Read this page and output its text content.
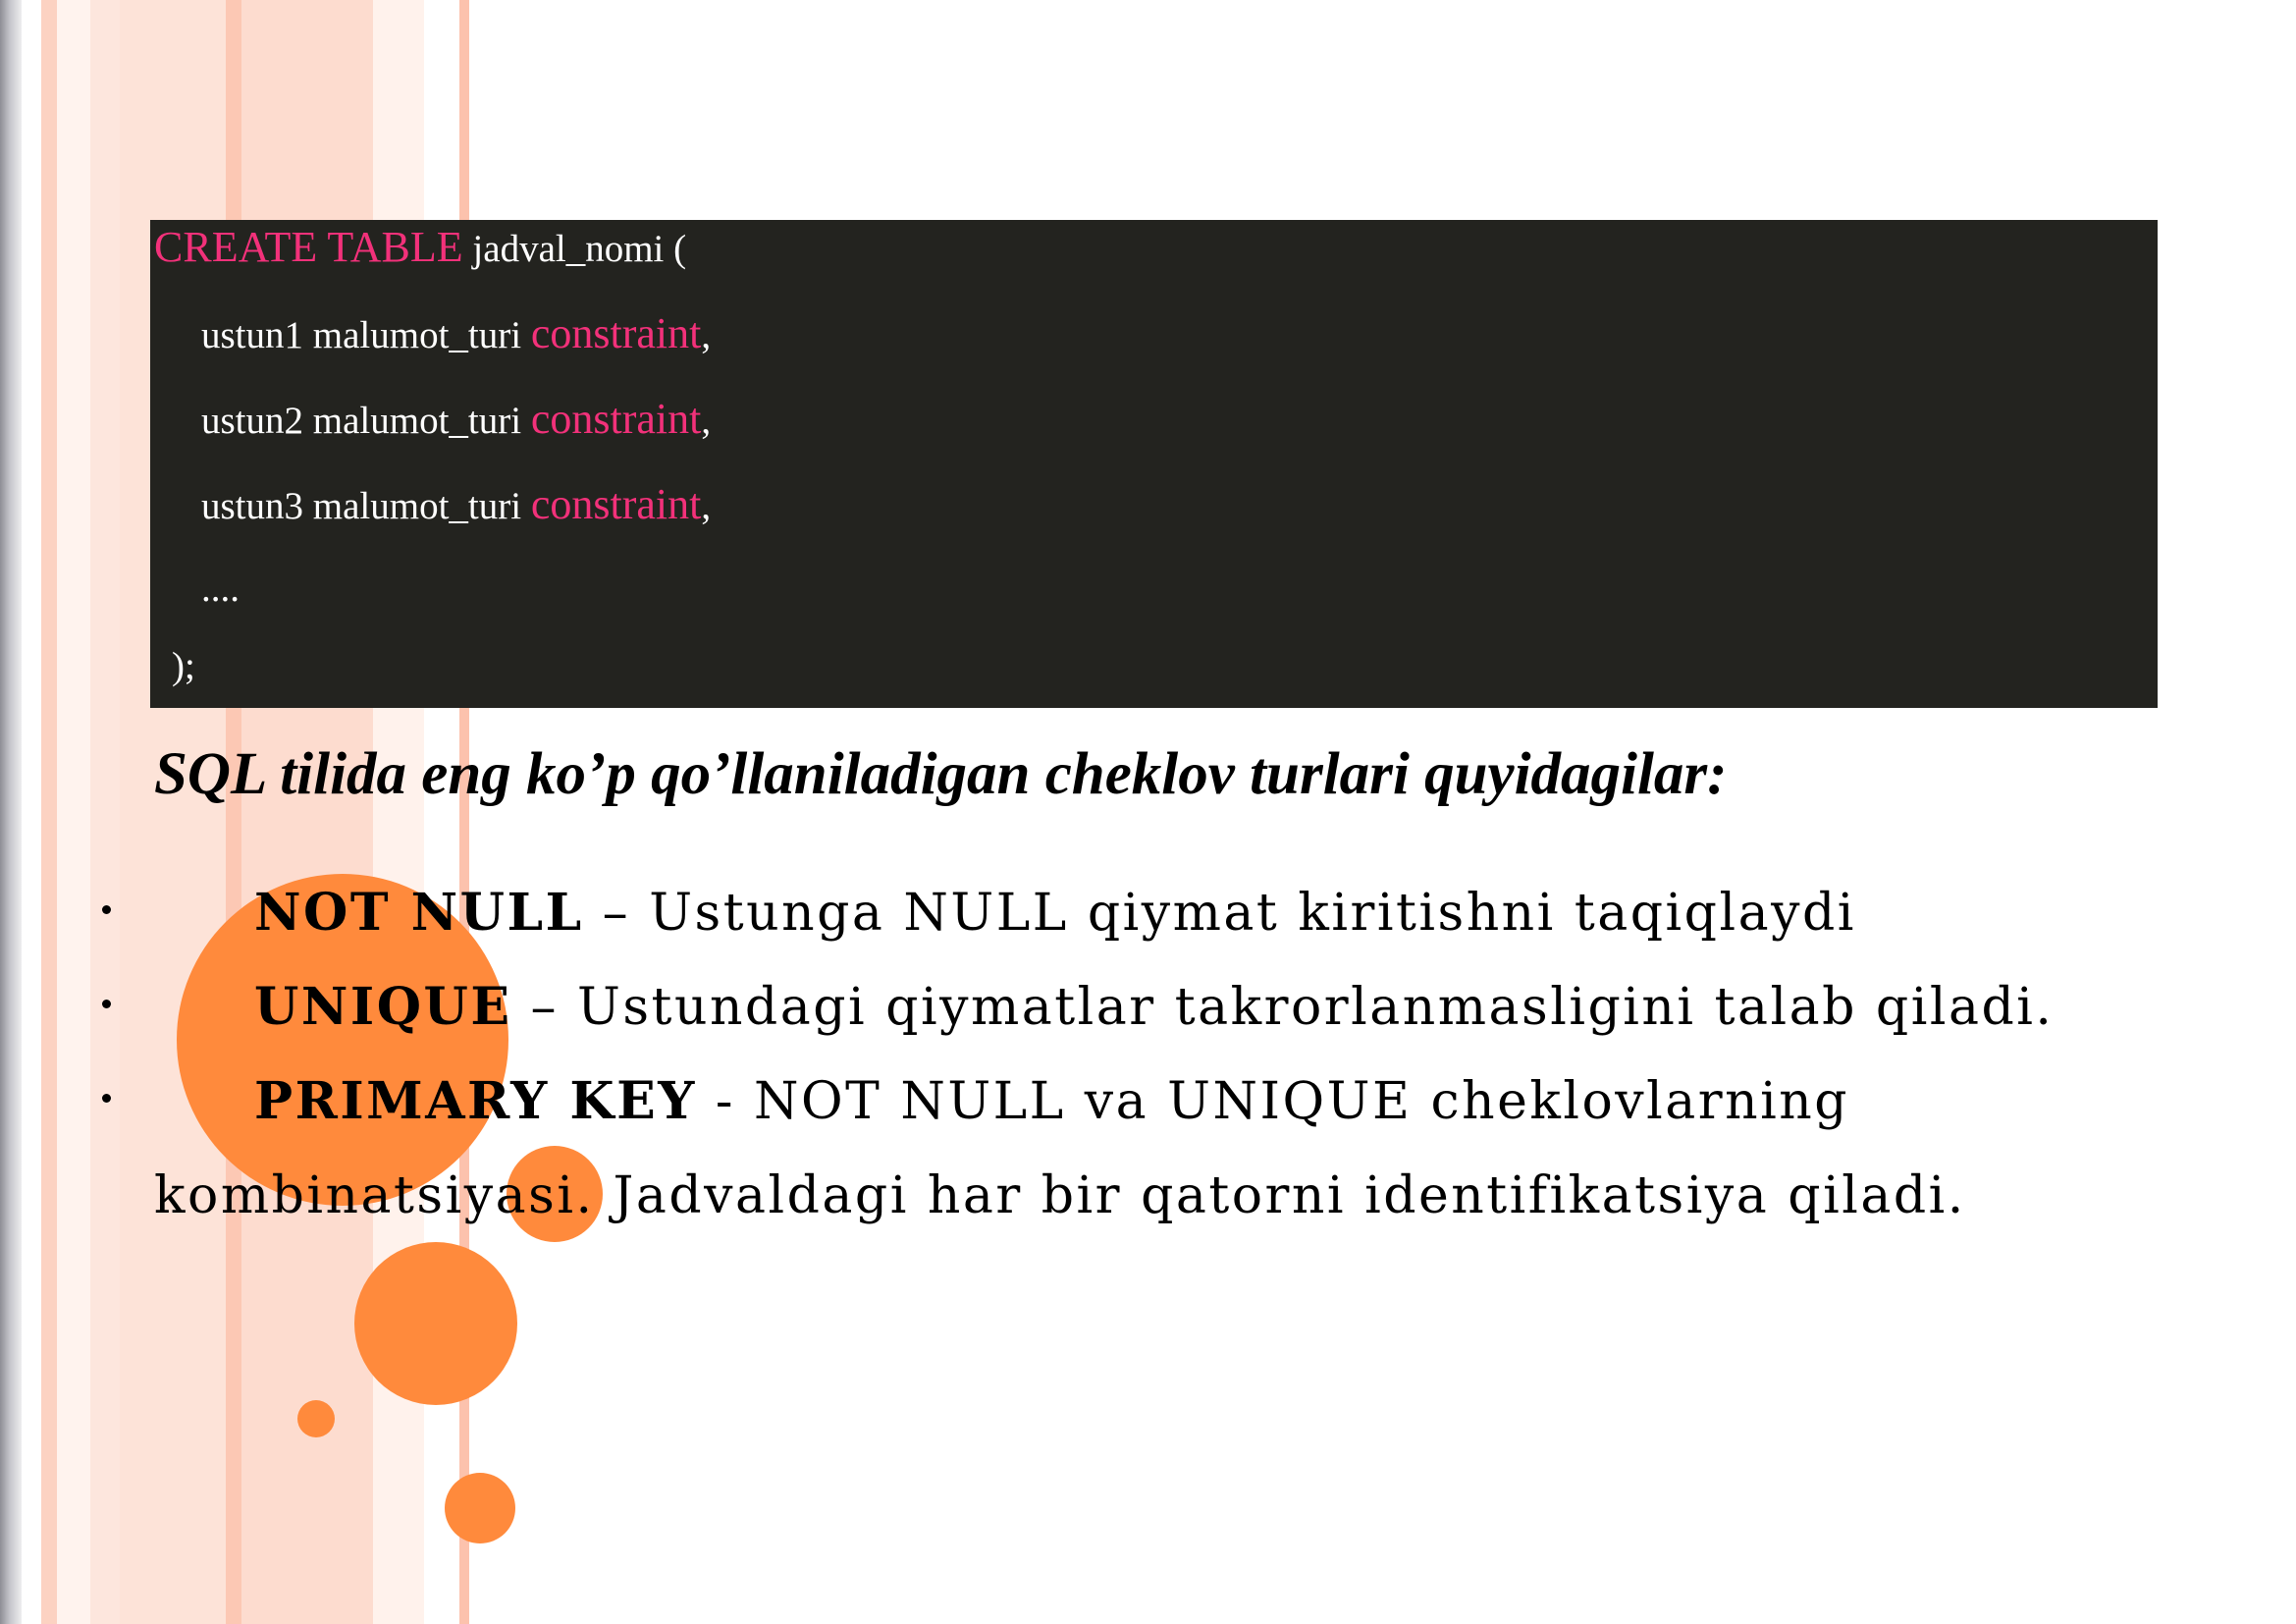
CREATE TABLE jadval_nomi (
ustun1 malumot_turi constraint,
ustun2 malumot_turi constraint,
ustun3 malumot_turi constraint,
....
);
SQL tilida eng ko’p qo’llaniladigan cheklov turlari quyidagilar:
NOT NULL – Ustunga NULL qiymat kiritishni taqiqlaydi
UNIQUE – Ustundagi qiymatlar takrorlanmasligini talab qiladi.
PRIMARY KEY - NOT NULL va UNIQUE cheklovlarning
kombinatsiyasi. Jadvaldagi har bir qatorni identifikatsiya qiladi.
